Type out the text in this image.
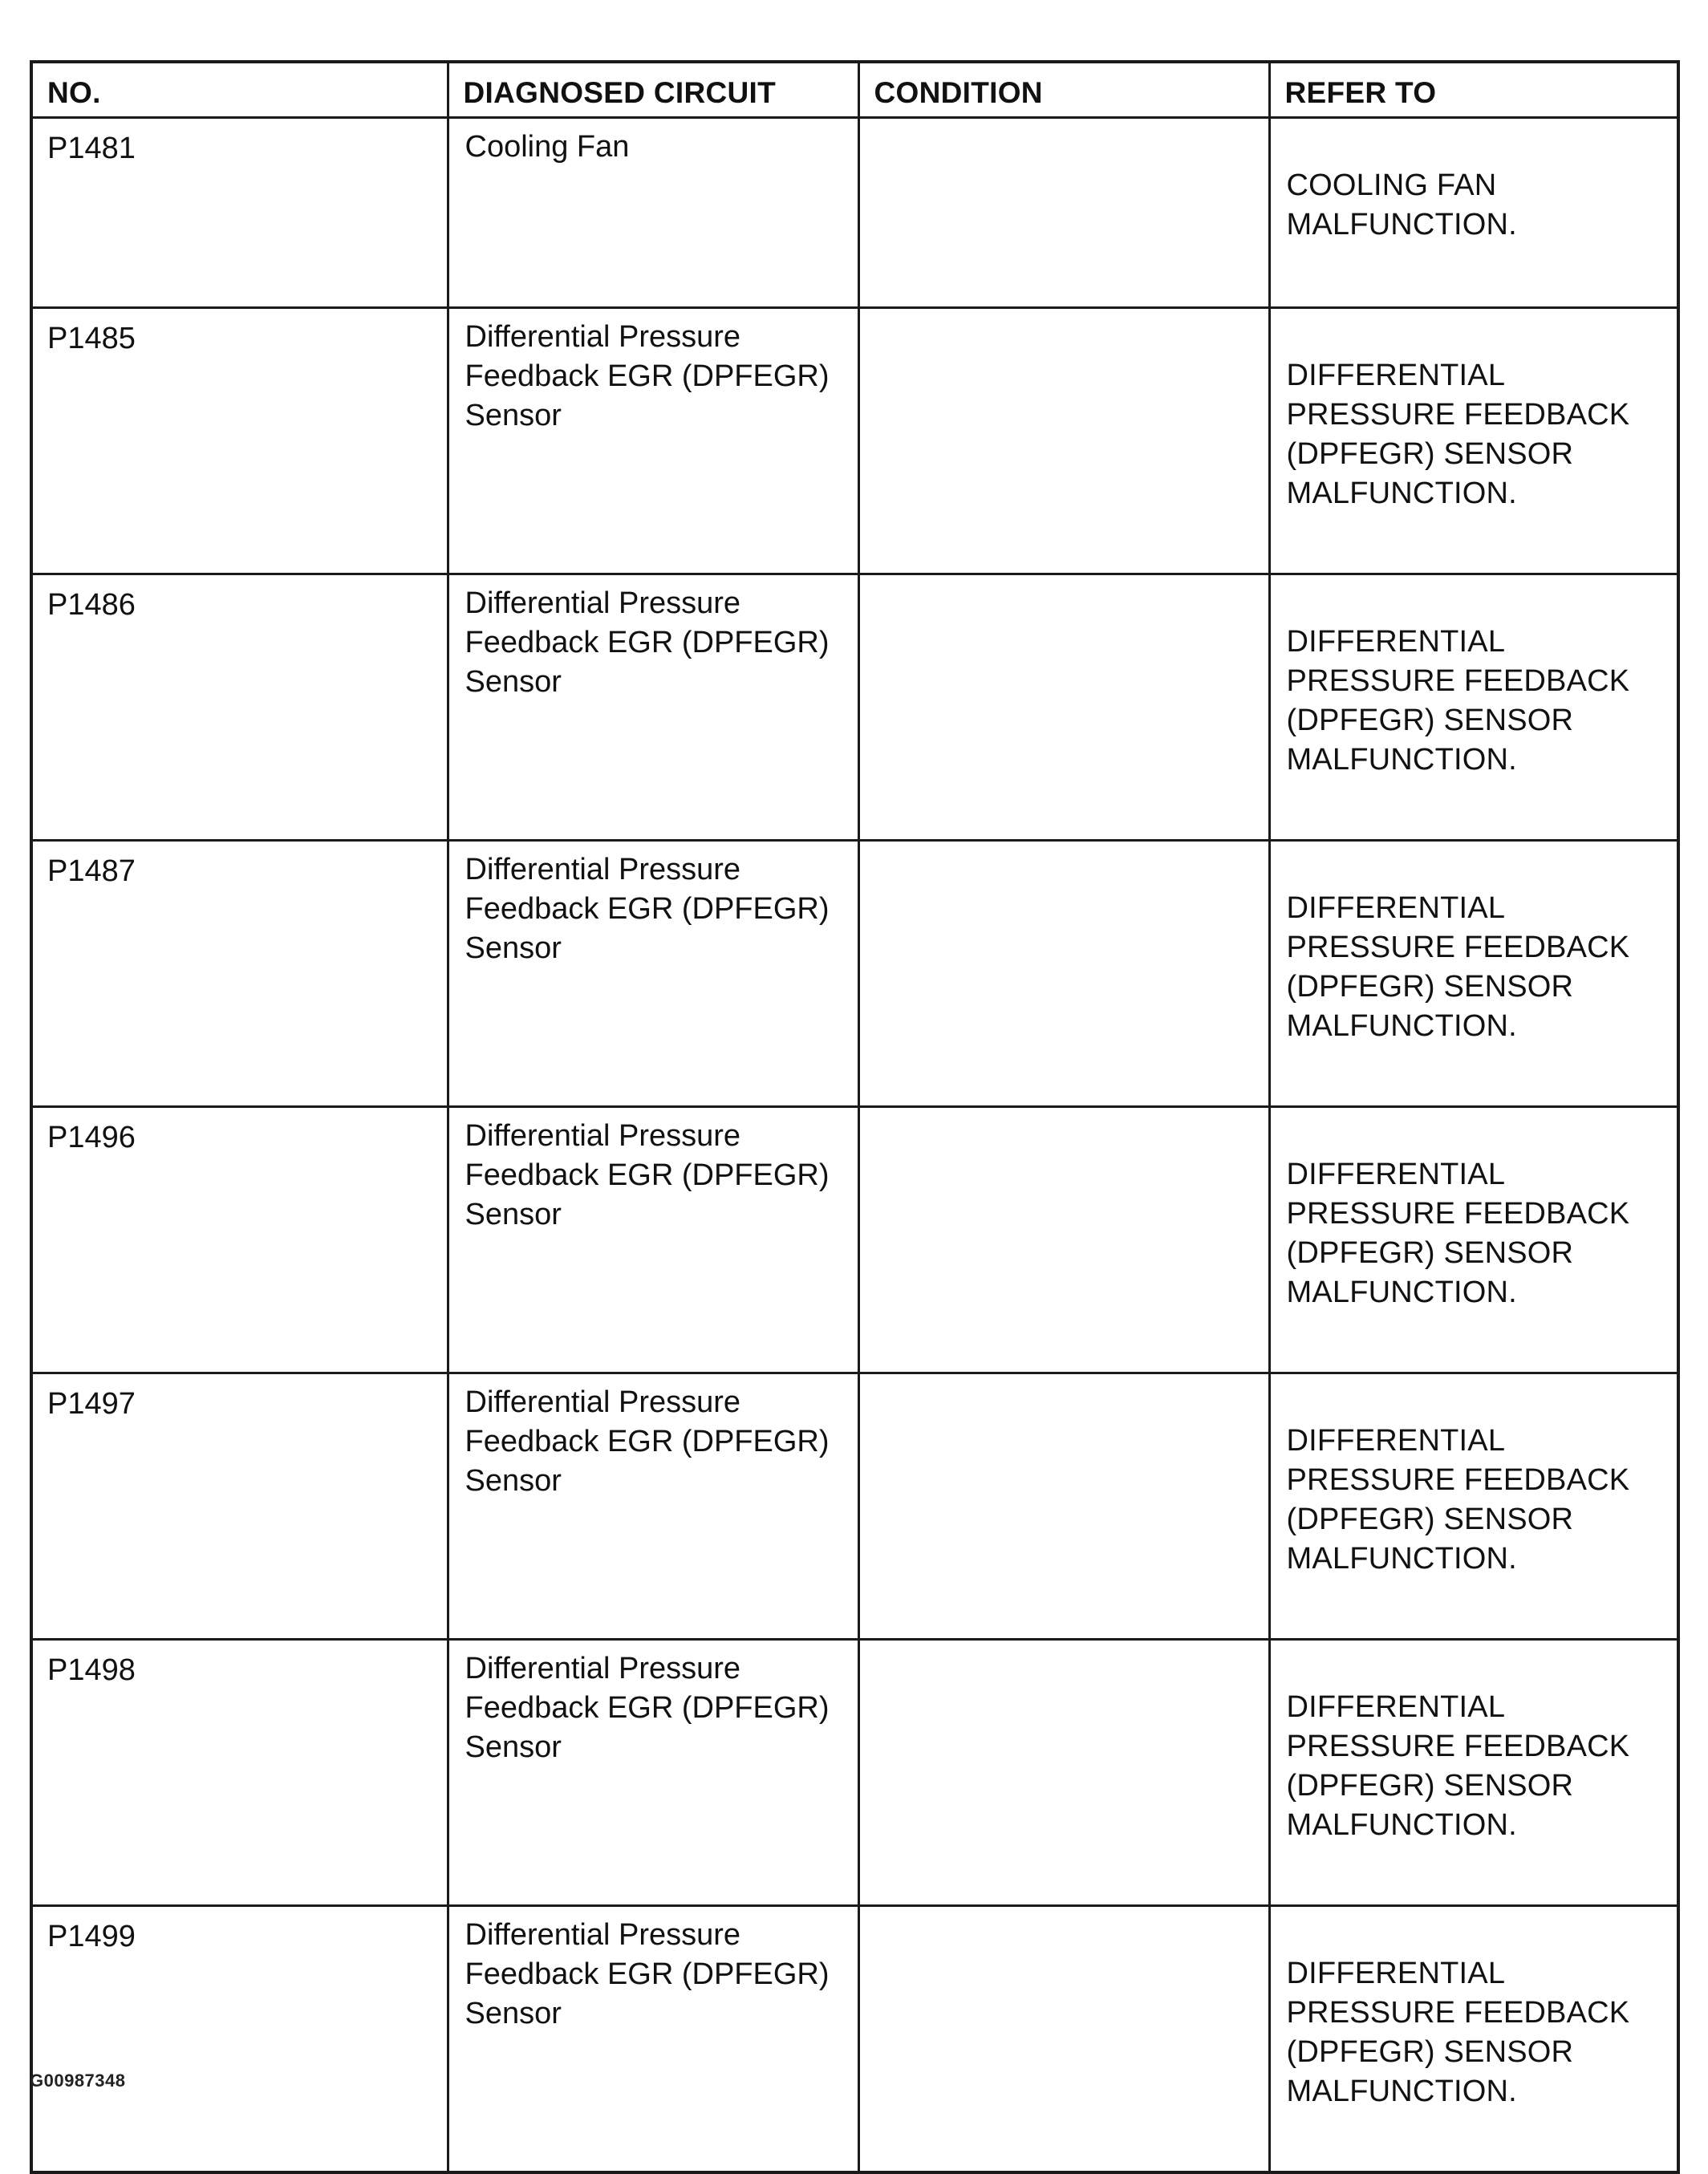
NO.	DIAGNOSED CIRCUIT	CONDITION	REFER TO
P1481	Cooling Fan		COOLING FAN
MALFUNCTION.
P1485	Differential Pressure
Feedback EGR (DPFEGR)
Sensor		DIFFERENTIAL
PRESSURE FEEDBACK
(DPFEGR) SENSOR
MALFUNCTION.
P1486	Differential Pressure
Feedback EGR (DPFEGR)
Sensor		DIFFERENTIAL
PRESSURE FEEDBACK
(DPFEGR) SENSOR
MALFUNCTION.
P1487	Differential Pressure
Feedback EGR (DPFEGR)
Sensor		DIFFERENTIAL
PRESSURE FEEDBACK
(DPFEGR) SENSOR
MALFUNCTION.
P1496	Differential Pressure
Feedback EGR (DPFEGR)
Sensor		DIFFERENTIAL
PRESSURE FEEDBACK
(DPFEGR) SENSOR
MALFUNCTION.
P1497	Differential Pressure
Feedback EGR (DPFEGR)
Sensor		DIFFERENTIAL
PRESSURE FEEDBACK
(DPFEGR) SENSOR
MALFUNCTION.
P1498	Differential Pressure
Feedback EGR (DPFEGR)
Sensor		DIFFERENTIAL
PRESSURE FEEDBACK
(DPFEGR) SENSOR
MALFUNCTION.
P1499	Differential Pressure
Feedback EGR (DPFEGR)
Sensor		DIFFERENTIAL
PRESSURE FEEDBACK
(DPFEGR) SENSOR
MALFUNCTION.
G00987348
